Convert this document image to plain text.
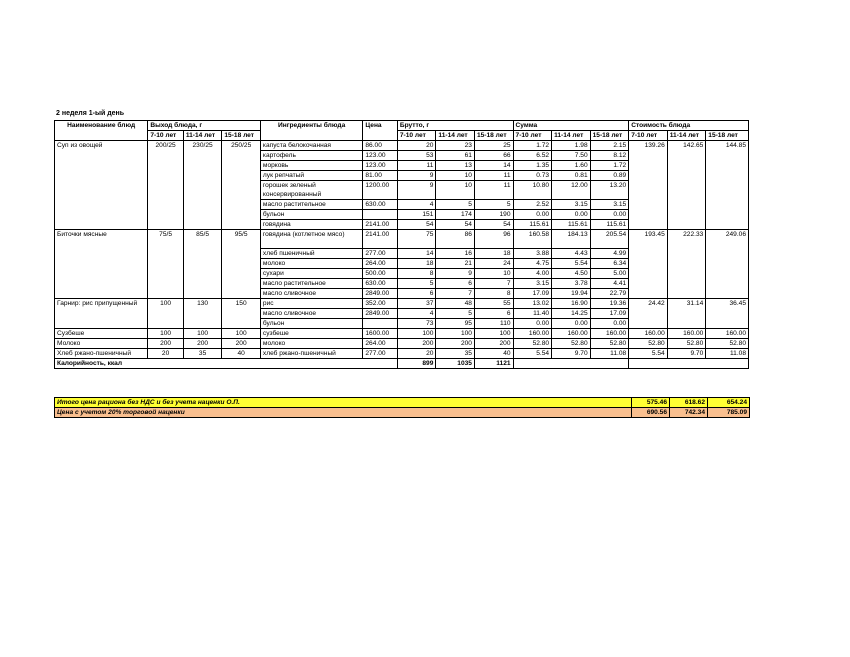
2 неделя 1-ый день
Наименование блюд	Выход блюда, г			Ингредиенты блюда	Цена	Брутто, г			Сумма			Стоимость блюда		
	7-10 лет	11-14 лет	15-18 лет			7-10 лет	11-14 лет	15-18 лет	7-10 лет	11-14 лет	15-18 лет	7-10 лет	11-14 лет	15-18 лет
Суп из овощей	200/25	230/25	250/25	капуста белокочанная	86.00	20	23	25	1.72	1.98	2.15	139.26	142.65	144.85
				картофель	123.00	53	61	66	6.52	7.50	8.12			
				морковь	123.00	11	13	14	1.35	1.60	1.72			
				лук репчатый	81.00	9	10	11	0.73	0.81	0.89			
				горошек зеленый консервированный	1200.00	9	10	11	10.80	12.00	13.20			
				масло растительное	630.00	4	5	5	2.52	3.15	3.15			
				бульон		151	174	190	0.00	0.00	0.00			
				говядина	2141.00	54	54	54	115.61	115.61	115.61			
Биточки мясные	75/5	85/5	95/5	говядина (котлетное мясо)	2141.00	75	86	96	160.58	184.13	205.54	193.45	222.33	249.06
				хлеб пшеничный	277.00	14	16	18	3.88	4.43	4.99			
				молоко	264.00	18	21	24	4.75	5.54	6.34			
				сухари	500.00	8	9	10	4.00	4.50	5.00			
				масло растительное	630.00	5	6	7	3.15	3.78	4.41			
				масло сливочное	2849.00	6	7	8	17.09	19.94	22.79			
Гарнир: рис припущенный	100	130	150	рис	352.00	37	48	55	13.02	16.90	19.36	24.42	31.14	36.45
				масло сливочное	2849.00	4	5	6	11.40	14.25	17.09			
				бульон		73	95	110	0.00	0.00	0.00			
Сузбеше	100	100	100	сузбеше	1600.00	100	100	100	160.00	160.00	160.00	160.00	160.00	160.00
Молоко	200	200	200	молоко	264.00	200	200	200	52.80	52.80	52.80	52.80	52.80	52.80
Хлеб ржано-пшеничный	20	35	40	хлеб ржано-пшеничный	277.00	20	35	40	5.54	9.70	11.08	5.54	9.70	11.08
Калорийность, ккал						899	1035	1121						
Итого цена рациона без НДС и без учета наценки О.П.	575.46	618.62	654.24
Цена с учетом 20% торговой наценки	690.56	742.34	785.09
